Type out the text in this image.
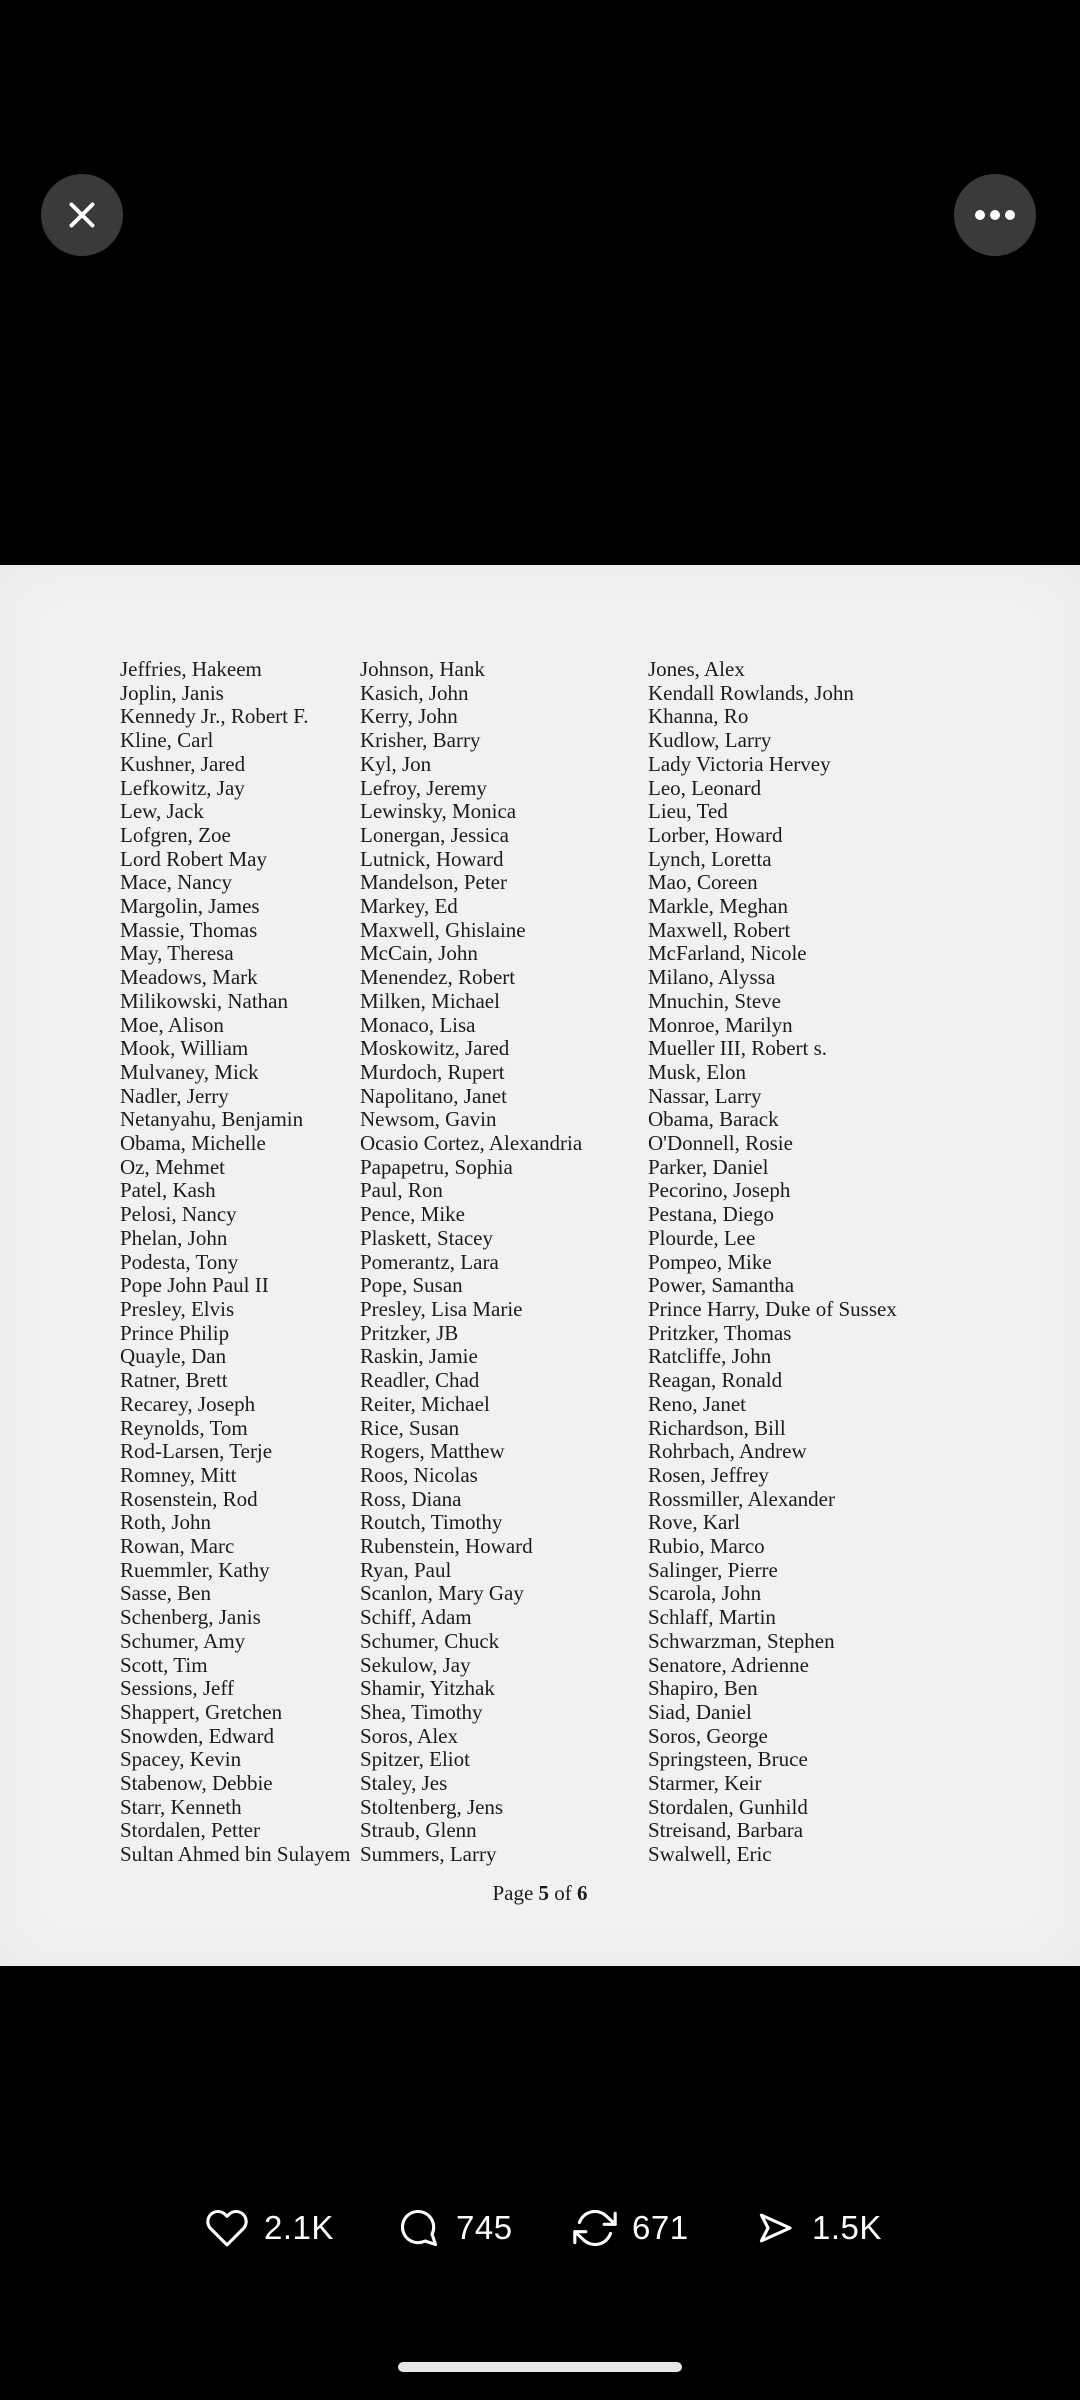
Jeffries, Hakeem
Joplin, Janis
Kennedy Jr., Robert F.
Kline, Carl
Kushner, Jared
Lefkowitz, Jay
Lew, Jack
Lofgren, Zoe
Lord Robert May
Mace, Nancy
Margolin, James
Massie, Thomas
May, Theresa
Meadows, Mark
Milikowski, Nathan
Moe, Alison
Mook, William
Mulvaney, Mick
Nadler, Jerry
Netanyahu, Benjamin
Obama, Michelle
Oz, Mehmet
Patel, Kash
Pelosi, Nancy
Phelan, John
Podesta, Tony
Pope John Paul II
Presley, Elvis
Prince Philip
Quayle, Dan
Ratner, Brett
Recarey, Joseph
Reynolds, Tom
Rod-Larsen, Terje
Romney, Mitt
Rosenstein, Rod
Roth, John
Rowan, Marc
Ruemmler, Kathy
Sasse, Ben
Schenberg, Janis
Schumer, Amy
Scott, Tim
Sessions, Jeff
Shappert, Gretchen
Snowden, Edward
Spacey, Kevin
Stabenow, Debbie
Starr, Kenneth
Stordalen, Petter
Sultan Ahmed bin Sulayem
Johnson, Hank
Kasich, John
Kerry, John
Krisher, Barry
Kyl, Jon
Lefroy, Jeremy
Lewinsky, Monica
Lonergan, Jessica
Lutnick, Howard
Mandelson, Peter
Markey, Ed
Maxwell, Ghislaine
McCain, John
Menendez, Robert
Milken, Michael
Monaco, Lisa
Moskowitz, Jared
Murdoch, Rupert
Napolitano, Janet
Newsom, Gavin
Ocasio Cortez, Alexandria
Papapetru, Sophia
Paul, Ron
Pence, Mike
Plaskett, Stacey
Pomerantz, Lara
Pope, Susan
Presley, Lisa Marie
Pritzker, JB
Raskin, Jamie
Readler, Chad
Reiter, Michael
Rice, Susan
Rogers, Matthew
Roos, Nicolas
Ross, Diana
Routch, Timothy
Rubenstein, Howard
Ryan, Paul
Scanlon, Mary Gay
Schiff, Adam
Schumer, Chuck
Sekulow, Jay
Shamir, Yitzhak
Shea, Timothy
Soros, Alex
Spitzer, Eliot
Staley, Jes
Stoltenberg, Jens
Straub, Glenn
Summers, Larry
Jones, Alex
Kendall Rowlands, John
Khanna, Ro
Kudlow, Larry
Lady Victoria Hervey
Leo, Leonard
Lieu, Ted
Lorber, Howard
Lynch, Loretta
Mao, Coreen
Markle, Meghan
Maxwell, Robert
McFarland, Nicole
Milano, Alyssa
Mnuchin, Steve
Monroe, Marilyn
Mueller III, Robert s.
Musk, Elon
Nassar, Larry
Obama, Barack
O'Donnell, Rosie
Parker, Daniel
Pecorino, Joseph
Pestana, Diego
Plourde, Lee
Pompeo, Mike
Power, Samantha
Prince Harry, Duke of Sussex
Pritzker, Thomas
Ratcliffe, John
Reagan, Ronald
Reno, Janet
Richardson, Bill
Rohrbach, Andrew
Rosen, Jeffrey
Rossmiller, Alexander
Rove, Karl
Rubio, Marco
Salinger, Pierre
Scarola, John
Schlaff, Martin
Schwarzman, Stephen
Senatore, Adrienne
Shapiro, Ben
Siad, Daniel
Soros, George
Springsteen, Bruce
Starmer, Keir
Stordalen, Gunhild
Streisand, Barbara
Swalwell, Eric
Page 5 of 6
2.1K	745	671	1.5K
